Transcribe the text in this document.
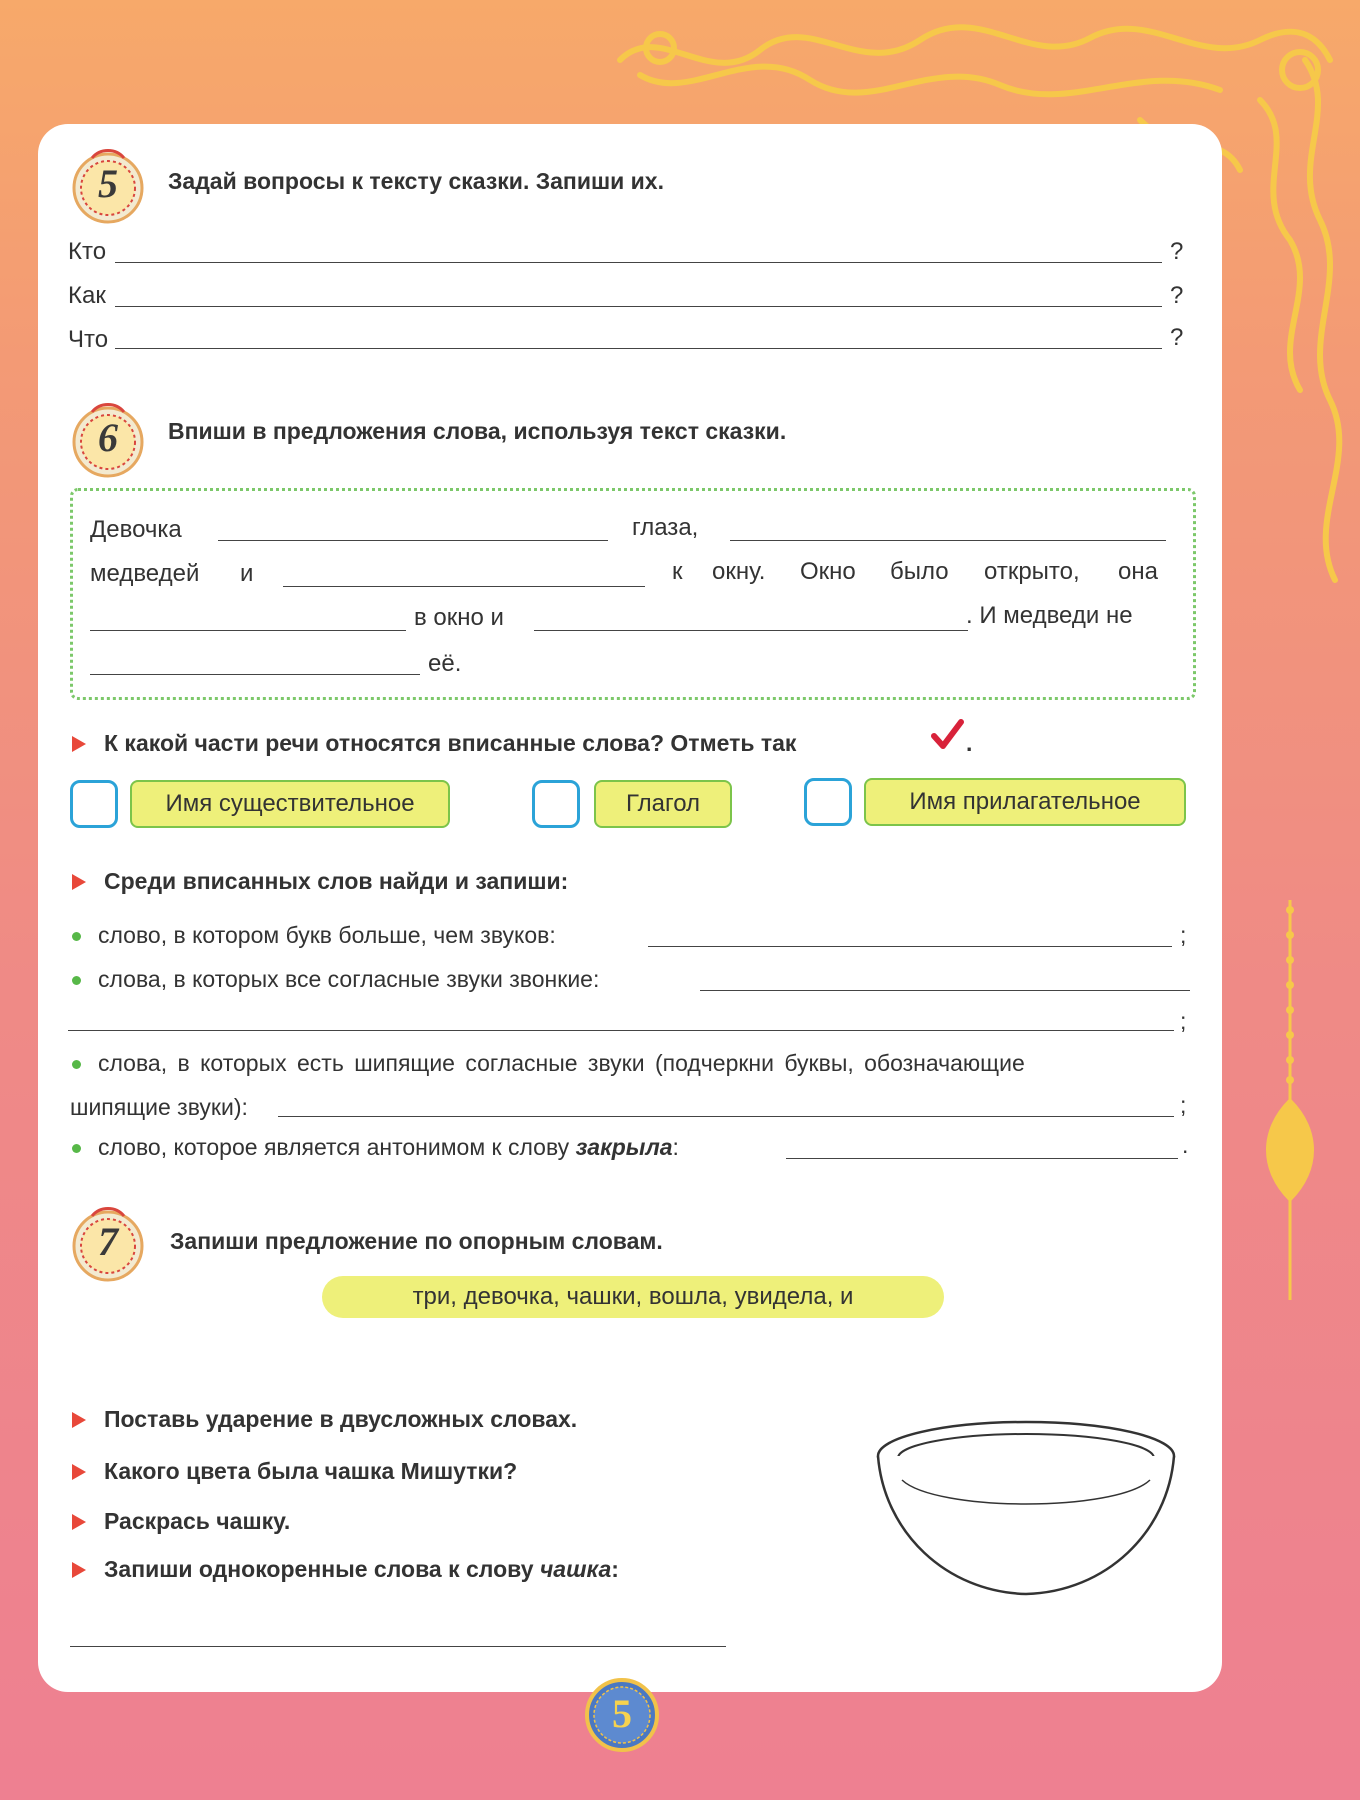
5	Задай вопросы к тексту сказки. Запиши их.
Кто	?
Как	?
Что	?
6	Впиши в предложения слова, используя текст сказки.
Девочка	глаза,
медведей и	к окну. Окно было открыто, она
в окно и	. И медведи не
её.
К какой части речи относятся вписанные слова? Отметь так	.
Имя существительное	Глагол	Имя прилагательное
Среди вписанных слов найди и запиши:
слово, в котором букв больше, чем звуков:	;
слова, в которых все согласные звуки звонкие:
;
слова, в которых есть шипящие согласные звуки (подчеркни буквы, обозначающие
шипящие звуки):	;
слово, которое является антонимом к слову закрыла:	.
7	Запиши предложение по опорным словам.
три, девочка, чашки, вошла, увидела, и
Поставь ударение в двусложных словах.
Какого цвета была чашка Мишутки?
Раскрась чашку.
Запиши однокоренные слова к слову чашка:
5
